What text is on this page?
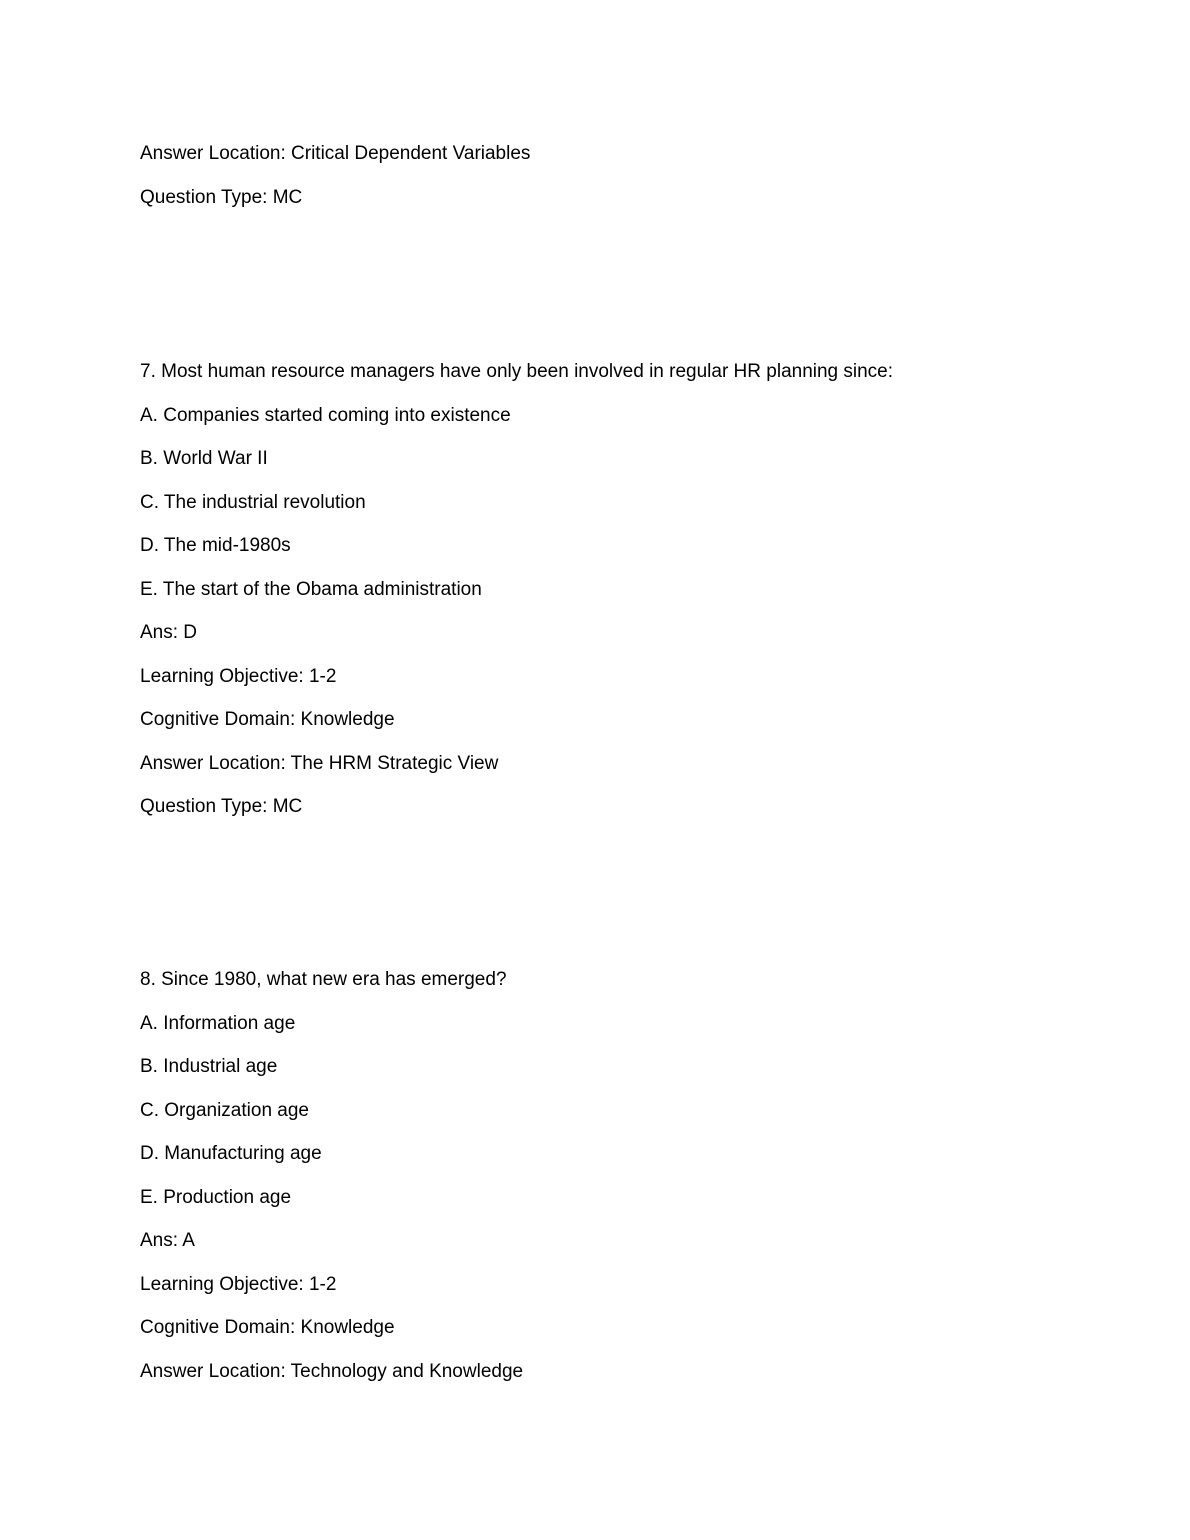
Answer Location: Critical Dependent Variables
Question Type: MC
7. Most human resource managers have only been involved in regular HR planning since:
A. Companies started coming into existence
B. World War II
C. The industrial revolution
D. The mid-1980s
E. The start of the Obama administration
Ans: D
Learning Objective: 1-2
Cognitive Domain: Knowledge
Answer Location: The HRM Strategic View
Question Type: MC
8. Since 1980, what new era has emerged?
A. Information age
B. Industrial age
C. Organization age
D. Manufacturing age
E. Production age
Ans: A
Learning Objective: 1-2
Cognitive Domain: Knowledge
Answer Location: Technology and Knowledge
